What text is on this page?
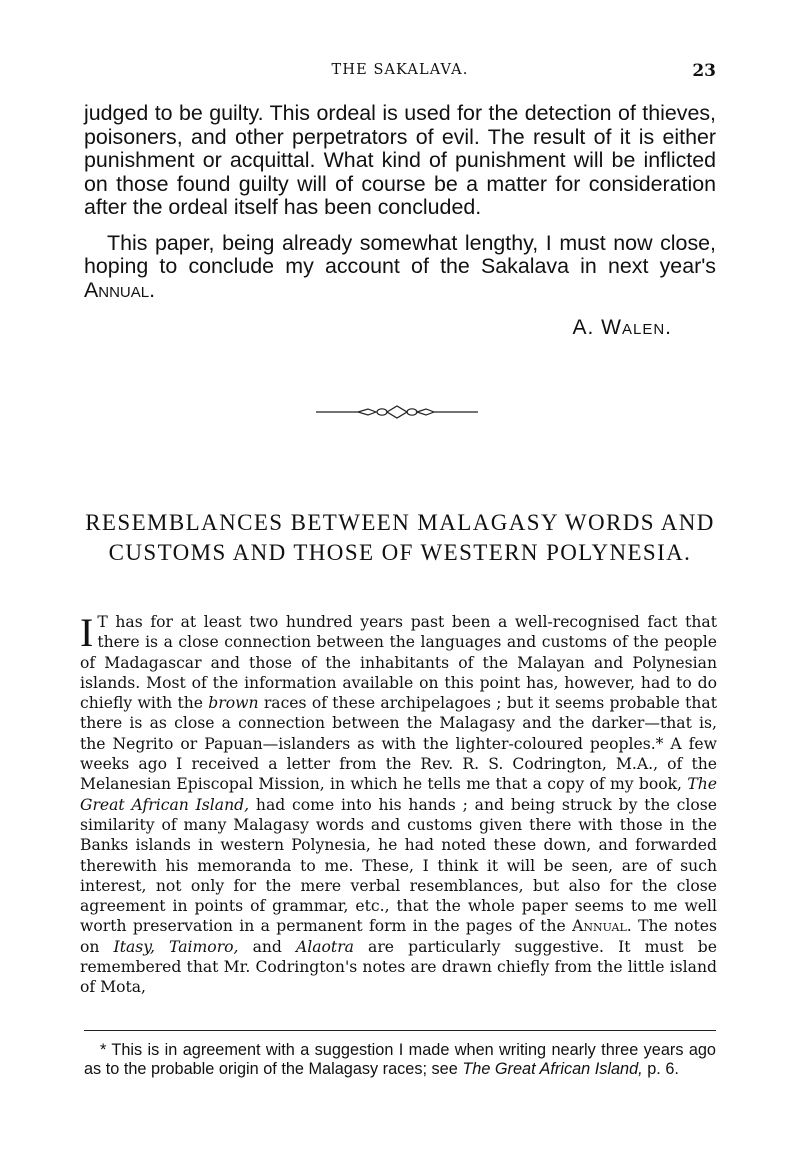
THE SAKALAVA.	23

judged to be guilty. This ordeal is used for the detection of thieves, poisoners, and other perpetrators of evil. The result of it is either punishment or acquittal. What kind of punishment will be inflicted on those found guilty will of course be a matter for consideration after the ordeal itself has been concluded.

This paper, being already somewhat lengthy, I must now close, hoping to conclude my account of the Sakalava in next year's Annual.

A. Walen.
RESEMBLANCES BETWEEN MALAGASY WORDS AND CUSTOMS AND THOSE OF WESTERN POLYNESIA.

I T has for at least two hundred years past been a well-recognised fact that there is a close connection between the languages and customs of the people of Madagascar and those of the inhabitants of the Malayan and Polynesian islands. Most of the information available on this point has, however, had to do chiefly with the brown races of these archipelagoes ; but it seems probable that there is as close a connection between the Malagasy and the darker—that is, the Negrito or Papuan—islanders as with the lighter-coloured peoples.* A few weeks ago I received a letter from the Rev. R. S. Codrington, M.A., of the Melanesian Episcopal Mission, in which he tells me that a copy of my book, The Great African Island, had come into his hands ; and being struck by the close similarity of many Malagasy words and customs given there with those in the Banks islands in western Polynesia, he had noted these down, and forwarded therewith his memoranda to me. These, I think it will be seen, are of such interest, not only for the mere verbal resemblances, but also for the close agreement in points of grammar, etc., that the whole paper seems to me well worth preservation in a permanent form in the pages of the Annual. The notes on Itasy, Taimoro, and Alaotra are particularly suggestive. It must be remembered that Mr. Codrington's notes are drawn chiefly from the little island of Mota,

* This is in agreement with a suggestion I made when writing nearly three years ago as to the probable origin of the Malagasy races; see The Great African Island, p. 6.
